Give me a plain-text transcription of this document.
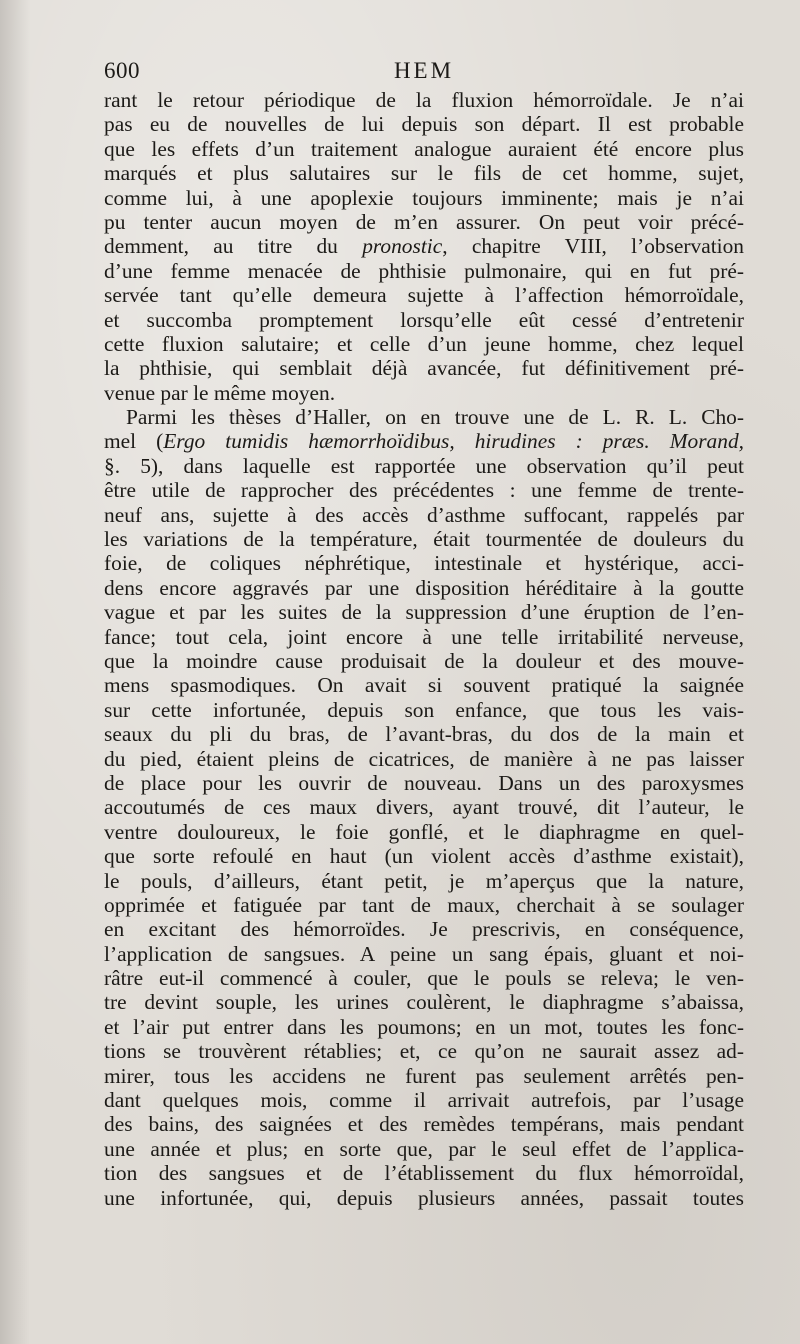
600	HEM
rant le retour périodique de la fluxion hémorroïdale. Je n’ai
pas eu de nouvelles de lui depuis son départ. Il est probable
que les effets d’un traitement analogue auraient été encore plus
marqués et plus salutaires sur le fils de cet homme, sujet,
comme lui, à une apoplexie toujours imminente; mais je n’ai
pu tenter aucun moyen de m’en assurer. On peut voir précé-
demment, au titre du pronostic, chapitre VIII, l’observation
d’une femme menacée de phthisie pulmonaire, qui en fut pré-
servée tant qu’elle demeura sujette à l’affection hémorroïdale,
et succomba promptement lorsqu’elle eût cessé d’entretenir
cette fluxion salutaire; et celle d’un jeune homme, chez lequel
la phthisie, qui semblait déjà avancée, fut définitivement pré-
venue par le même moyen.
Parmi les thèses d’Haller, on en trouve une de L. R. L. Cho-
mel (Ergo tumidis hæmorrhoïdibus, hirudines : præs. Morand,
§. 5), dans laquelle est rapportée une observation qu’il peut
être utile de rapprocher des précédentes : une femme de trente-
neuf ans, sujette à des accès d’asthme suffocant, rappelés par
les variations de la température, était tourmentée de douleurs du
foie, de coliques néphrétique, intestinale et hystérique, acci-
dens encore aggravés par une disposition héréditaire à la goutte
vague et par les suites de la suppression d’une éruption de l’en-
fance; tout cela, joint encore à une telle irritabilité nerveuse,
que la moindre cause produisait de la douleur et des mouve-
mens spasmodiques. On avait si souvent pratiqué la saignée
sur cette infortunée, depuis son enfance, que tous les vais-
seaux du pli du bras, de l’avant-bras, du dos de la main et
du pied, étaient pleins de cicatrices, de manière à ne pas laisser
de place pour les ouvrir de nouveau. Dans un des paroxysmes
accoutumés de ces maux divers, ayant trouvé, dit l’auteur, le
ventre douloureux, le foie gonflé, et le diaphragme en quel-
que sorte refoulé en haut (un violent accès d’asthme existait),
le pouls, d’ailleurs, étant petit, je m’aperçus que la nature,
opprimée et fatiguée par tant de maux, cherchait à se soulager
en excitant des hémorroïdes. Je prescrivis, en conséquence,
l’application de sangsues. A peine un sang épais, gluant et noi-
râtre eut-il commencé à couler, que le pouls se releva; le ven-
tre devint souple, les urines coulèrent, le diaphragme s’abaissa,
et l’air put entrer dans les poumons; en un mot, toutes les fonc-
tions se trouvèrent rétablies; et, ce qu’on ne saurait assez ad-
mirer, tous les accidens ne furent pas seulement arrêtés pen-
dant quelques mois, comme il arrivait autrefois, par l’usage
des bains, des saignées et des remèdes tempérans, mais pendant
une année et plus; en sorte que, par le seul effet de l’applica-
tion des sangsues et de l’établissement du flux hémorroïdal,
une infortunée, qui, depuis plusieurs années, passait toutes
